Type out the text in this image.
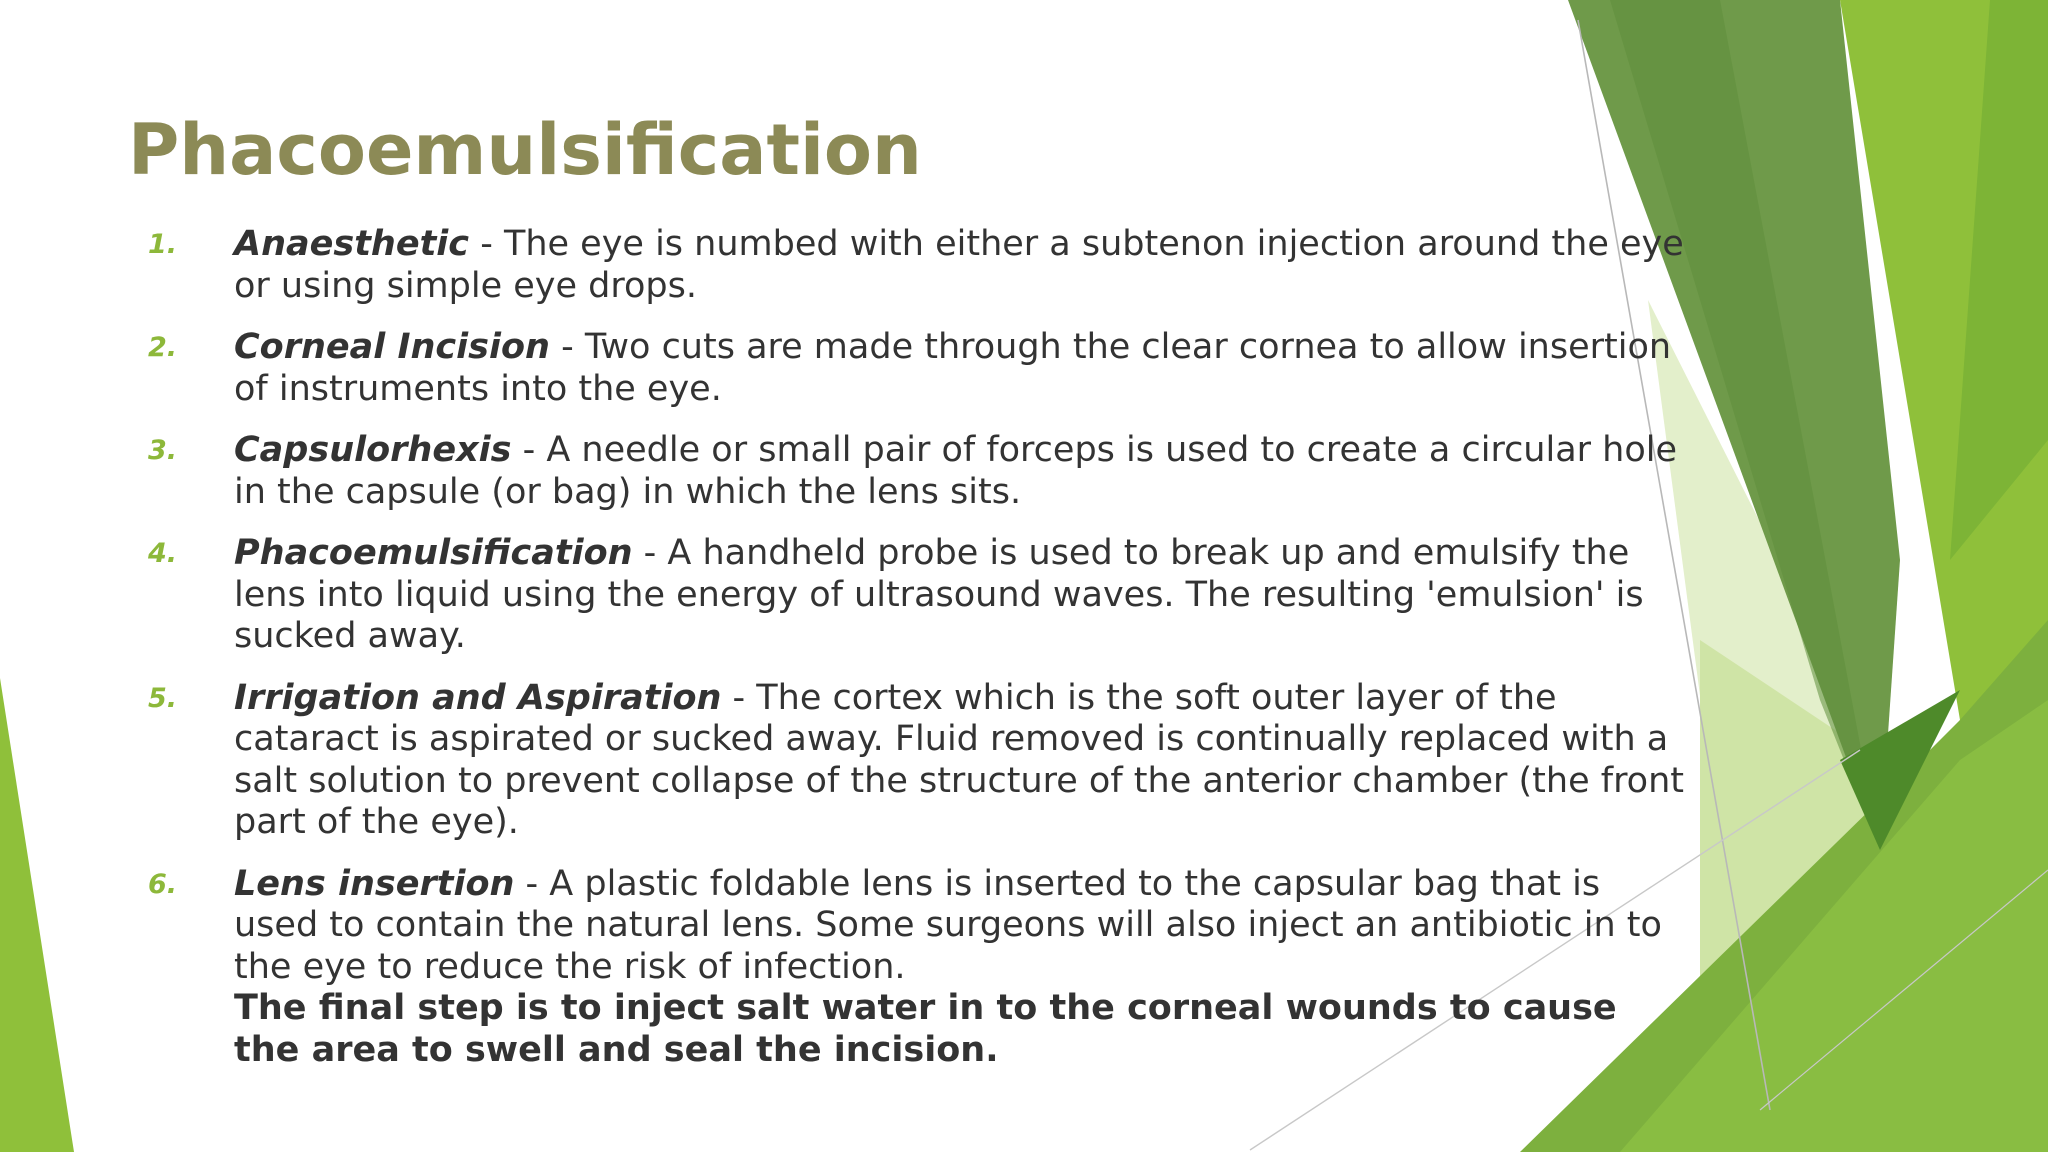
Phacoemulsification
1. Anaesthetic - The eye is numbed with either a subtenon injection around the eye or using simple eye drops.
2. Corneal Incision - Two cuts are made through the clear cornea to allow insertion of instruments into the eye.
3. Capsulorhexis - A needle or small pair of forceps is used to create a circular hole in the capsule (or bag) in which the lens sits.
4. Phacoemulsification - A handheld probe is used to break up and emulsify the lens into liquid using the energy of ultrasound waves. The resulting 'emulsion' is sucked away.
5. Irrigation and Aspiration - The cortex which is the soft outer layer of the cataract is aspirated or sucked away. Fluid removed is continually replaced with a salt solution to prevent collapse of the structure of the anterior chamber (the front part of the eye).
6. Lens insertion - A plastic foldable lens is inserted to the capsular bag that is used to contain the natural lens. Some surgeons will also inject an antibiotic in to the eye to reduce the risk of infection.
The final step is to inject salt water in to the corneal wounds to cause the area to swell and seal the incision.
